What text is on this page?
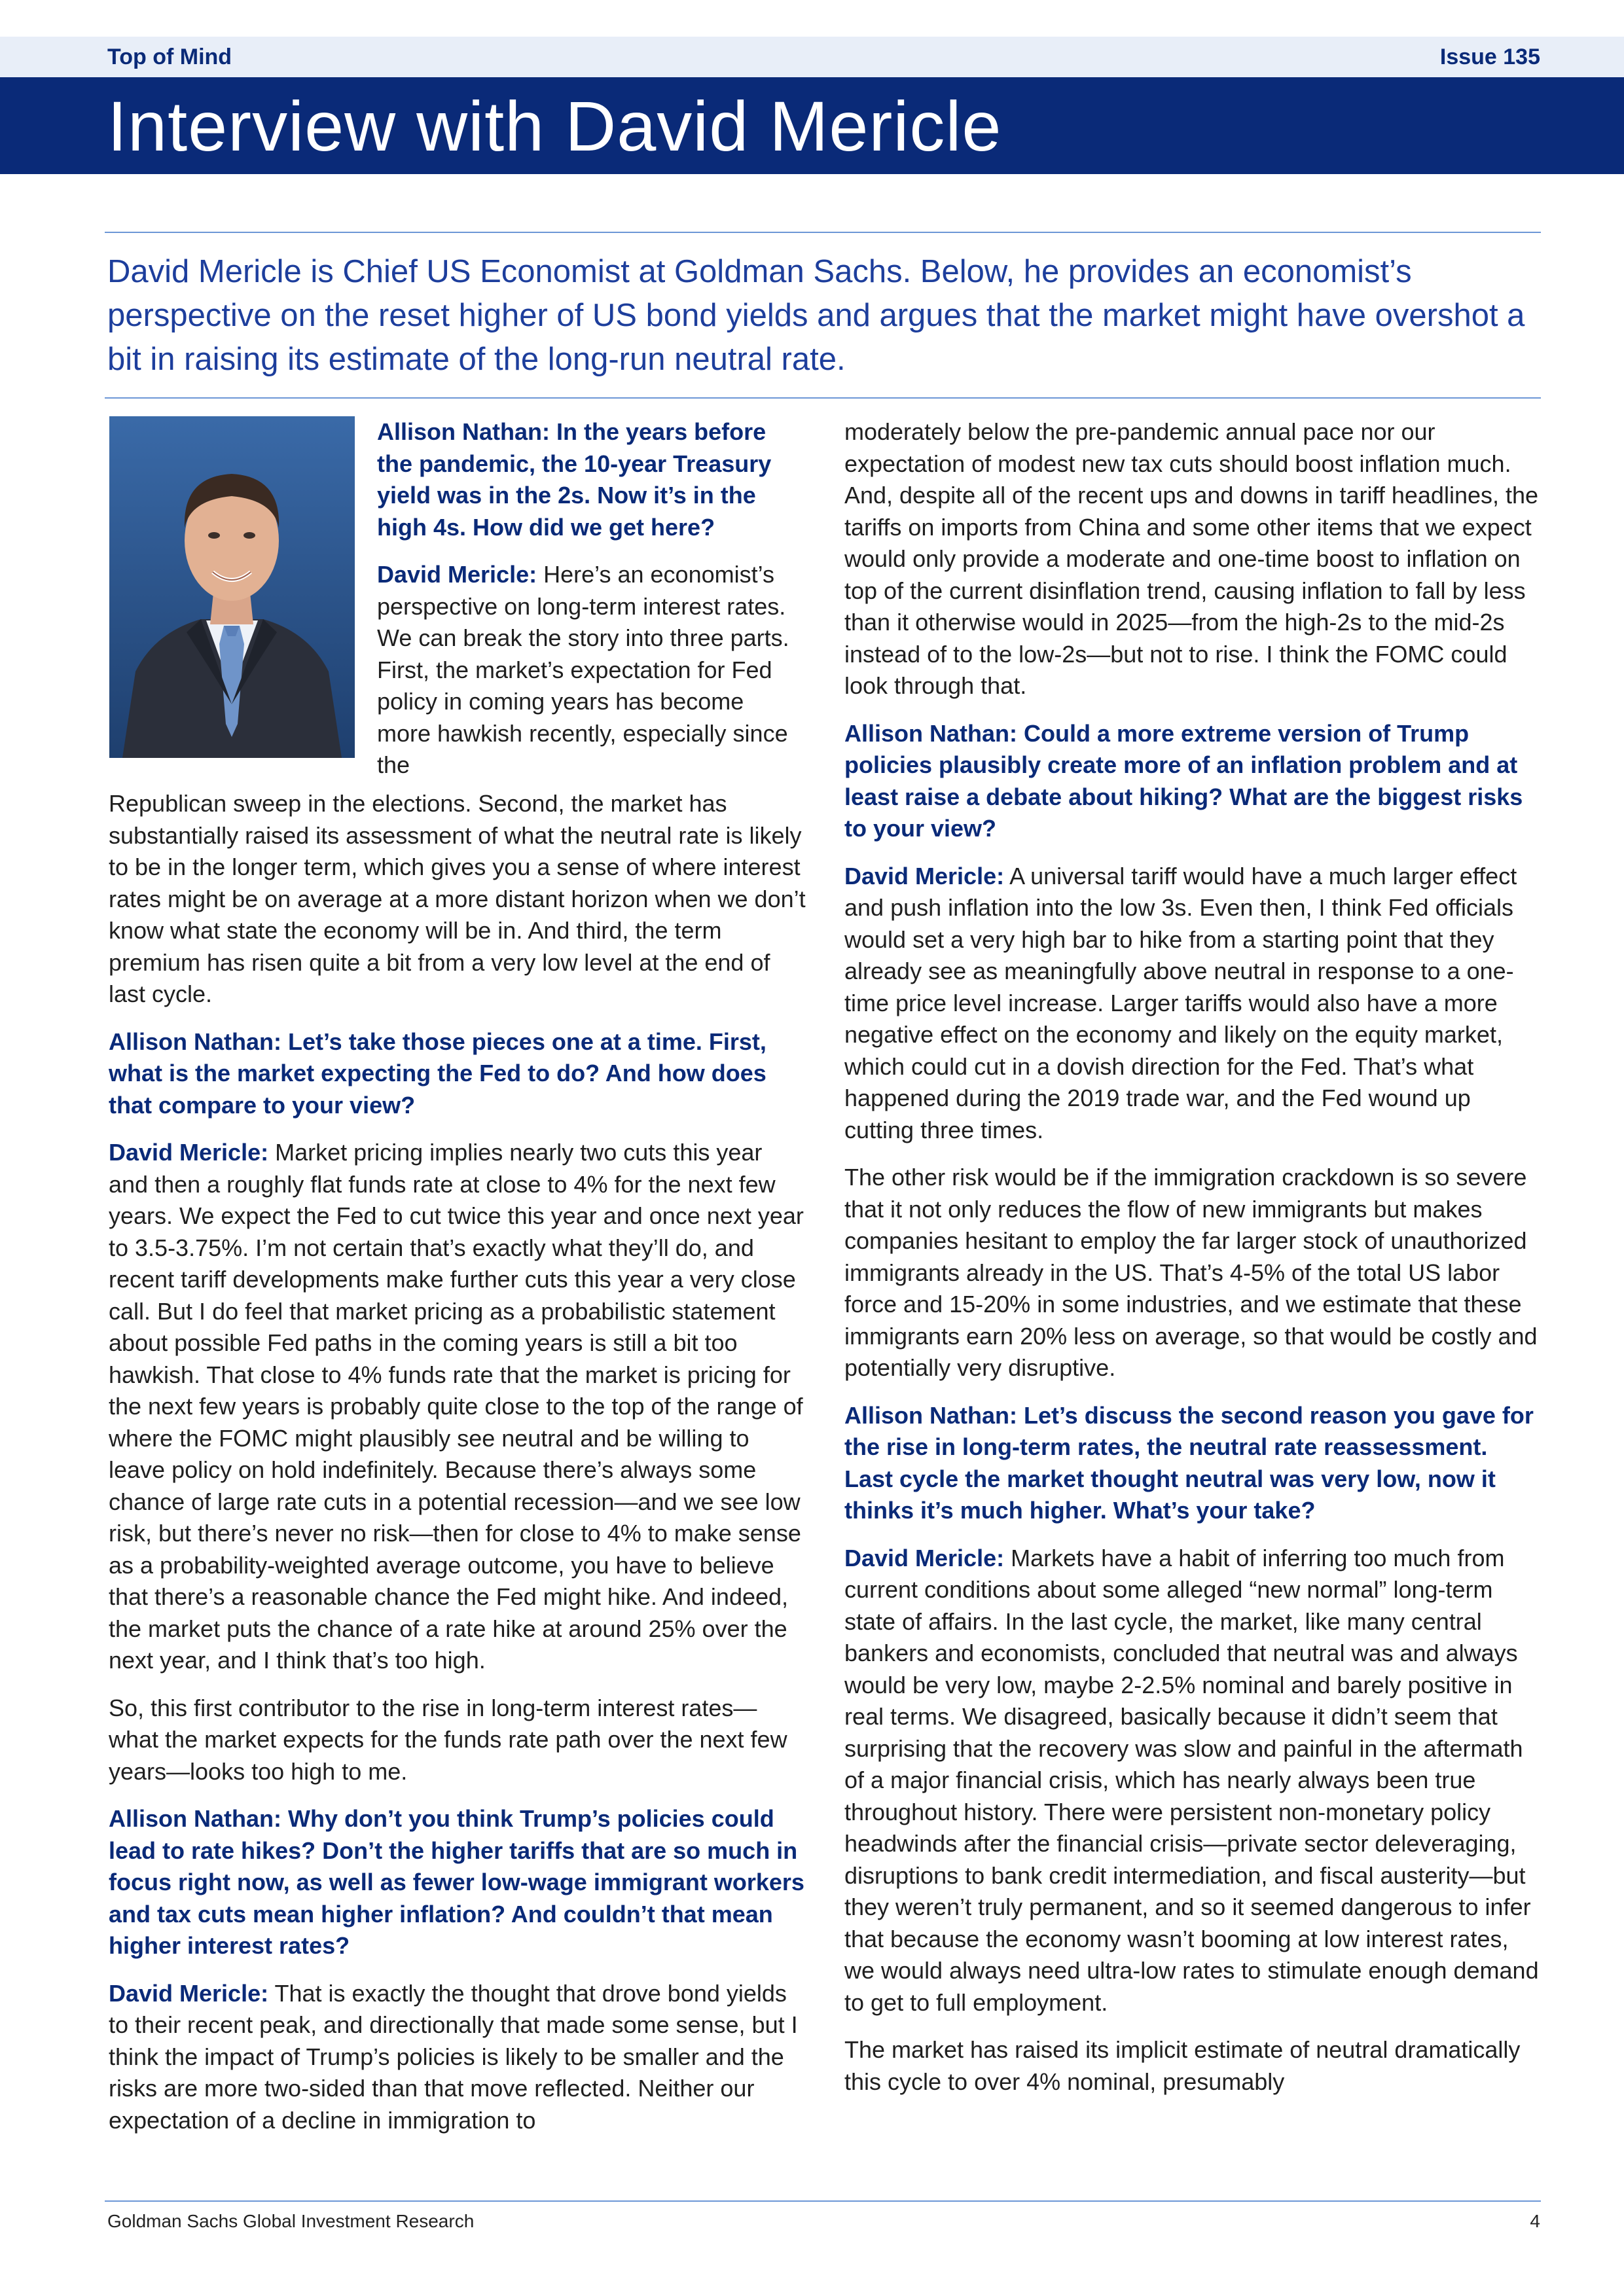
Top of Mind	Issue 135
Interview with David Mericle
David Mericle is Chief US Economist at Goldman Sachs. Below, he provides an economist’s perspective on the reset higher of US bond yields and argues that the market might have overshot a bit in raising its estimate of the long-run neutral rate.

Allison Nathan: In the years before the pandemic, the 10-year Treasury yield was in the 2s. Now it’s in the high 4s. How did we get here?

David Mericle: Here’s an economist’s perspective on long-term interest rates. We can break the story into three parts. First, the market’s expectation for Fed policy in coming years has become more hawkish recently, especially since the

Republican sweep in the elections. Second, the market has substantially raised its assessment of what the neutral rate is likely to be in the longer term, which gives you a sense of where interest rates might be on average at a more distant horizon when we don’t know what state the economy will be in. And third, the term premium has risen quite a bit from a very low level at the end of last cycle.

Allison Nathan: Let’s take those pieces one at a time. First, what is the market expecting the Fed to do? And how does that compare to your view?

David Mericle: Market pricing implies nearly two cuts this year and then a roughly flat funds rate at close to 4% for the next few years. We expect the Fed to cut twice this year and once next year to 3.5-3.75%. I’m not certain that’s exactly what they’ll do, and recent tariff developments make further cuts this year a very close call. But I do feel that market pricing as a probabilistic statement about possible Fed paths in the coming years is still a bit too hawkish. That close to 4% funds rate that the market is pricing for the next few years is probably quite close to the top of the range of where the FOMC might plausibly see neutral and be willing to leave policy on hold indefinitely. Because there’s always some chance of large rate cuts in a potential recession—and we see low risk, but there’s never no risk—then for close to 4% to make sense as a probability-weighted average outcome, you have to believe that there’s a reasonable chance the Fed might hike. And indeed, the market puts the chance of a rate hike at around 25% over the next year, and I think that’s too high.

So, this first contributor to the rise in long-term interest rates—what the market expects for the funds rate path over the next few years—looks too high to me.

Allison Nathan: Why don’t you think Trump’s policies could lead to rate hikes? Don’t the higher tariffs that are so much in focus right now, as well as fewer low-wage immigrant workers and tax cuts mean higher inflation? And couldn’t that mean higher interest rates?

David Mericle: That is exactly the thought that drove bond yields to their recent peak, and directionally that made some sense, but I think the impact of Trump’s policies is likely to be smaller and the risks are more two-sided than that move reflected. Neither our expectation of a decline in immigration to

moderately below the pre-pandemic annual pace nor our expectation of modest new tax cuts should boost inflation much. And, despite all of the recent ups and downs in tariff headlines, the tariffs on imports from China and some other items that we expect would only provide a moderate and one-time boost to inflation on top of the current disinflation trend, causing inflation to fall by less than it otherwise would in 2025—from the high-2s to the mid-2s instead of to the low-2s—but not to rise. I think the FOMC could look through that.

Allison Nathan: Could a more extreme version of Trump policies plausibly create more of an inflation problem and at least raise a debate about hiking? What are the biggest risks to your view?

David Mericle: A universal tariff would have a much larger effect and push inflation into the low 3s. Even then, I think Fed officials would set a very high bar to hike from a starting point that they already see as meaningfully above neutral in response to a one-time price level increase. Larger tariffs would also have a more negative effect on the economy and likely on the equity market, which could cut in a dovish direction for the Fed. That’s what happened during the 2019 trade war, and the Fed wound up cutting three times.

The other risk would be if the immigration crackdown is so severe that it not only reduces the flow of new immigrants but makes companies hesitant to employ the far larger stock of unauthorized immigrants already in the US. That’s 4-5% of the total US labor force and 15-20% in some industries, and we estimate that these immigrants earn 20% less on average, so that would be costly and potentially very disruptive.

Allison Nathan: Let’s discuss the second reason you gave for the rise in long-term rates, the neutral rate reassessment. Last cycle the market thought neutral was very low, now it thinks it’s much higher. What’s your take?

David Mericle: Markets have a habit of inferring too much from current conditions about some alleged “new normal” long-term state of affairs. In the last cycle, the market, like many central bankers and economists, concluded that neutral was and always would be very low, maybe 2-2.5% nominal and barely positive in real terms. We disagreed, basically because it didn’t seem that surprising that the recovery was slow and painful in the aftermath of a major financial crisis, which has nearly always been true throughout history. There were persistent non-monetary policy headwinds after the financial crisis—private sector deleveraging, disruptions to bank credit intermediation, and fiscal austerity—but they weren’t truly permanent, and so it seemed dangerous to infer that because the economy wasn’t booming at low interest rates, we would always need ultra-low rates to stimulate enough demand to get to full employment.

The market has raised its implicit estimate of neutral dramatically this cycle to over 4% nominal, presumably

Goldman Sachs Global Investment Research	4
